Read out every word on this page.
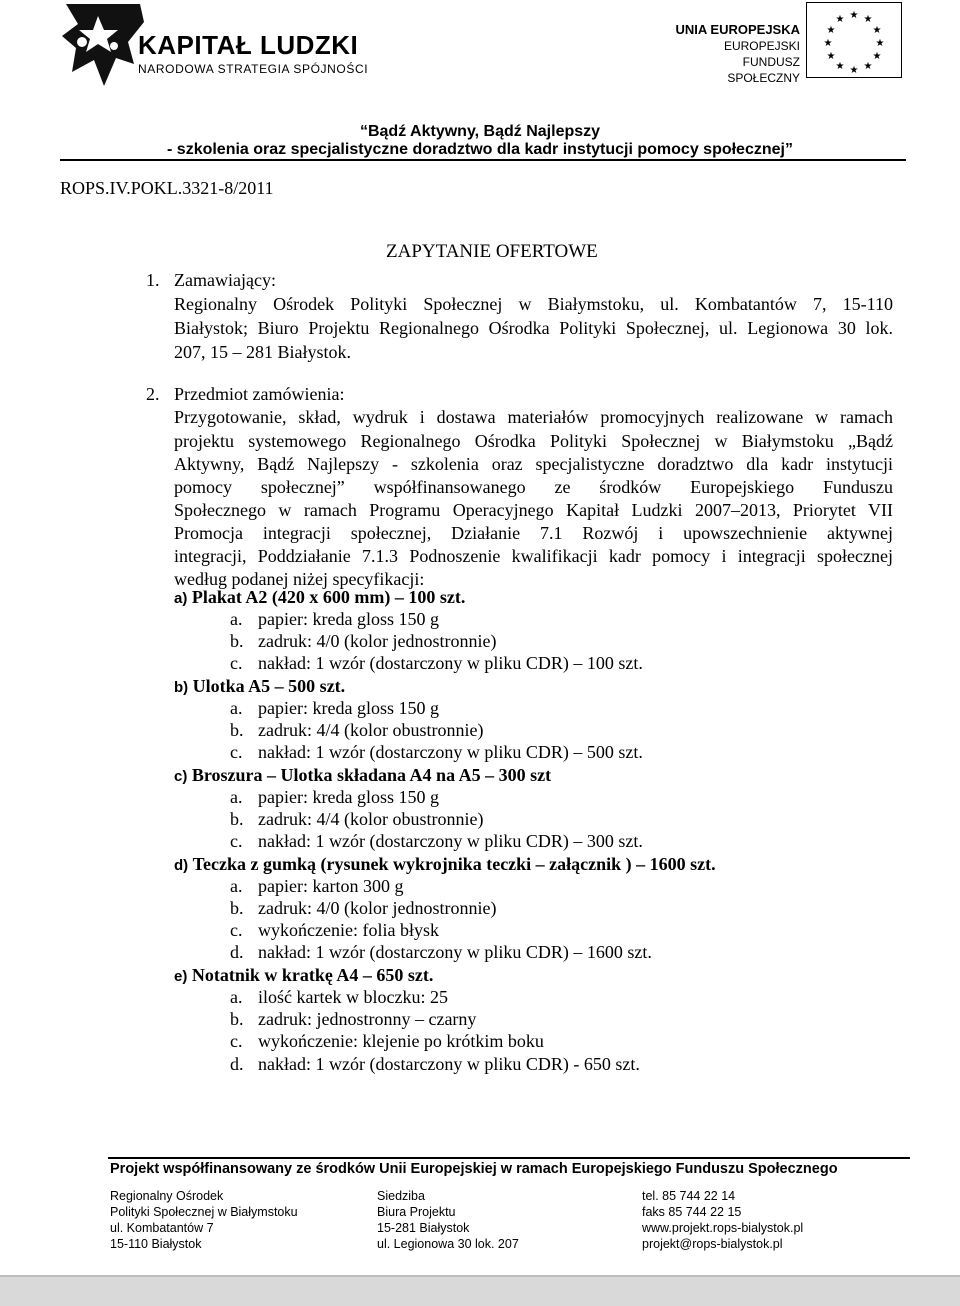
KAPITAŁ LUDZKI
NARODOWA STRATEGIA SPÓJNOŚCI
UNIA EUROPEJSKA
EUROPEJSKI
FUNDUSZ SPOŁECZNY
★ ★
★
★
★
★
★
★
★
★
★
★
“Bądź Aktywny, Bądź Najlepszy
- szkolenia oraz specjalistyczne doradztwo dla kadr instytucji pomocy społecznej”
ROPS.IV.POKL.3321-8/2011
ZAPYTANIE OFERTOWE
1. Zamawiający:
Regionalny Ośrodek Polityki Społecznej w Białymstoku, ul. Kombatantów 7, 15-110
Białystok; Biuro Projektu Regionalnego Ośrodka Polityki Społecznej, ul. Legionowa 30 lok.
207, 15 – 281 Białystok.
2. Przedmiot zamówienia:
Przygotowanie, skład, wydruk i dostawa materiałów promocyjnych realizowane w ramach
projektu systemowego Regionalnego Ośrodka Polityki Społecznej w Białymstoku „Bądź
Aktywny, Bądź Najlepszy - szkolenia oraz specjalistyczne doradztwo dla kadr instytucji
pomocy społecznej” współfinansowanego ze środków Europejskiego Funduszu
Społecznego w ramach Programu Operacyjnego Kapitał Ludzki 2007–2013, Priorytet VII
Promocja integracji społecznej, Działanie 7.1 Rozwój i upowszechnienie aktywnej
integracji, Poddziałanie 7.1.3 Podnoszenie kwalifikacji kadr pomocy i integracji społecznej
według podanej niżej specyfikacji:
a) Plakat A2 (420 x 600 mm) – 100 szt.
a. papier: kreda gloss 150 g
b. zadruk: 4/0 (kolor jednostronnie)
c. nakład: 1 wzór (dostarczony w pliku CDR) – 100 szt.
b) Ulotka A5 – 500 szt.
a. papier: kreda gloss 150 g
b. zadruk: 4/4 (kolor obustronnie)
c. nakład: 1 wzór (dostarczony w pliku CDR) – 500 szt.
c) Broszura – Ulotka składana A4 na A5 – 300 szt
a. papier: kreda gloss 150 g
b. zadruk: 4/4 (kolor obustronnie)
c. nakład: 1 wzór (dostarczony w pliku CDR) – 300 szt.
d) Teczka z gumką (rysunek wykrojnika teczki – załącznik ) – 1600 szt.
a. papier: karton 300 g
b. zadruk: 4/0 (kolor jednostronnie)
c. wykończenie: folia błysk
d. nakład: 1 wzór (dostarczony w pliku CDR) – 1600 szt.
e) Notatnik w kratkę A4 – 650 szt.
a. ilość kartek w bloczku: 25
b. zadruk: jednostronny – czarny
c. wykończenie: klejenie po krótkim boku
d. nakład: 1 wzór (dostarczony w pliku CDR) - 650 szt.
Projekt współfinansowany ze środków Unii Europejskiej w ramach Europejskiego Funduszu Społecznego
Regionalny Ośrodek
Polityki Społecznej w Białymstoku
ul. Kombatantów 7
15-110 Białystok
Siedziba
Biura Projektu
15-281 Białystok
ul. Legionowa 30 lok. 207
tel. 85 744 22 14
faks 85 744 22 15
www.projekt.rops-bialystok.pl
projekt@rops-bialystok.pl
